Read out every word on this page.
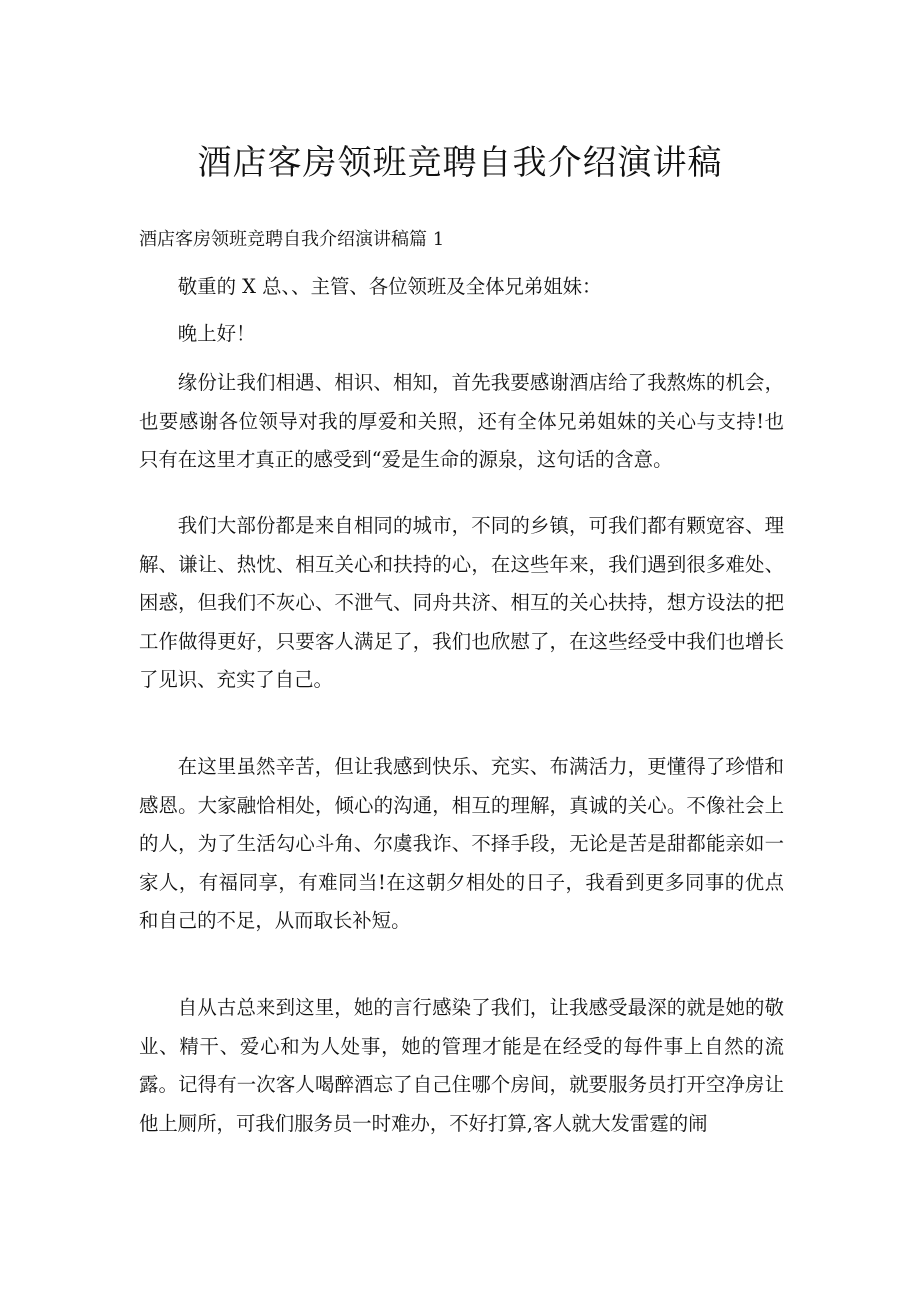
酒店客房领班竞聘自我介绍演讲稿

酒店客房领班竞聘自我介绍演讲稿篇 1

敬重的 X 总、、主管、各位领班及全体兄弟姐妹：

晚上好！

缘份让我们相遇、相识、相知，首先我要感谢酒店给了我熬炼的机会，也要感谢各位领导对我的厚爱和关照，还有全体兄弟姐妹的关心与支持!也只有在这里才真正的感受到“爱是生命的源泉，这句话的含意。

我们大部份都是来自相同的城市，不同的乡镇，可我们都有颗宽容、理解、谦让、热忱、相互关心和扶持的心，在这些年来，我们遇到很多难处、困惑，但我们不灰心、不泄气、同舟共济、相互的关心扶持，想方设法的把工作做得更好，只要客人满足了，我们也欣慰了，在这些经受中我们也增长了见识、充实了自己。

在这里虽然辛苦，但让我感到快乐、充实、布满活力，更懂得了珍惜和感恩。大家融恰相处，倾心的沟通，相互的理解，真诚的关心。不像社会上的人，为了生活勾心斗角、尔虞我诈、不择手段，无论是苦是甜都能亲如一家人，有福同享，有难同当!在这朝夕相处的日子，我看到更多同事的优点和自己的不足，从而取长补短。

自从古总来到这里，她的言行感染了我们，让我感受最深的就是她的敬业、精干、爱心和为人处事，她的管理才能是在经受的每件事上自然的流露。记得有一次客人喝醉酒忘了自己住哪个房间，就要服务员打开空净房让他上厕所，可我们服务员一时难办，不好打算,客人就大发雷霆的闹
